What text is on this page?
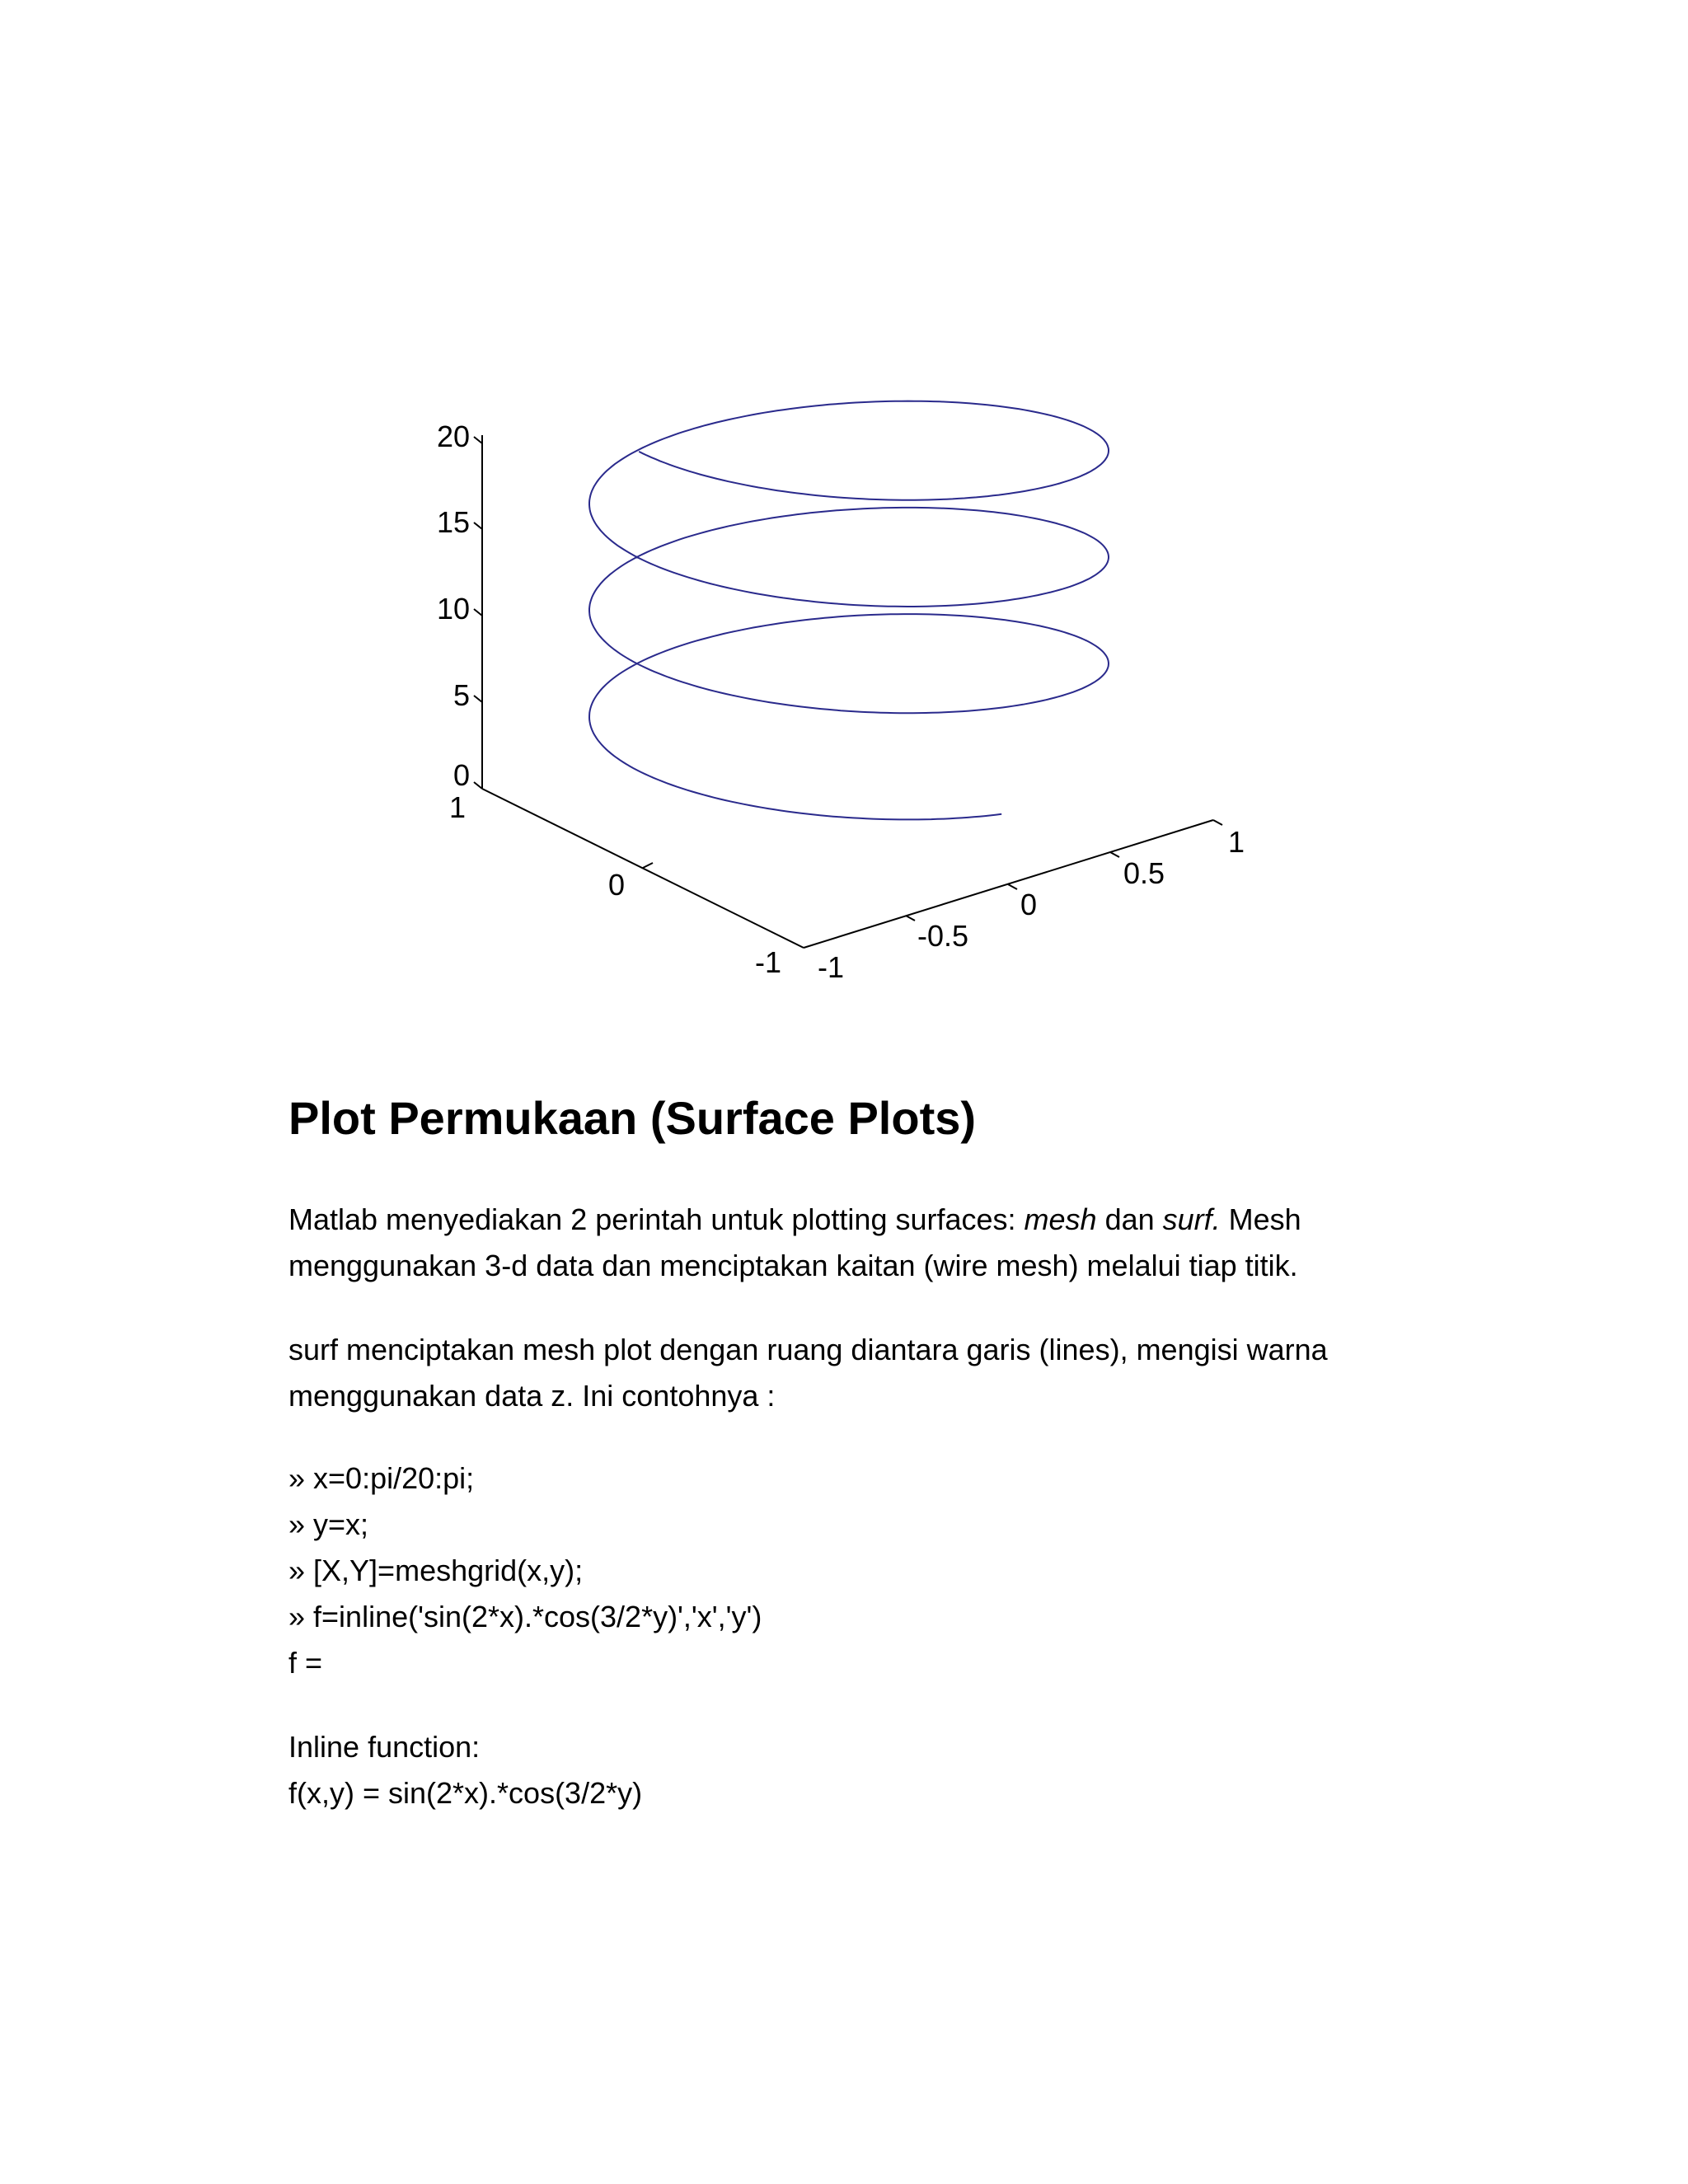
20
15
10
5
0
1
0
-1 -1
-0.5
0
0.5
1
Plot Permukaan (Surface Plots)

Matlab menyediakan 2 perintah untuk plotting surfaces: mesh dan surf. Mesh
menggunakan 3-d data dan menciptakan kaitan (wire mesh) melalui tiap titik.

surf menciptakan mesh plot dengan ruang diantara garis (lines), mengisi warna
menggunakan data z. Ini contohnya :

» x=0:pi/20:pi;
» y=x;
» [X,Y]=meshgrid(x,y);
» f=inline('sin(2*x).*cos(3/2*y)','x','y')
f =

Inline function:
f(x,y) = sin(2*x).*cos(3/2*y)
